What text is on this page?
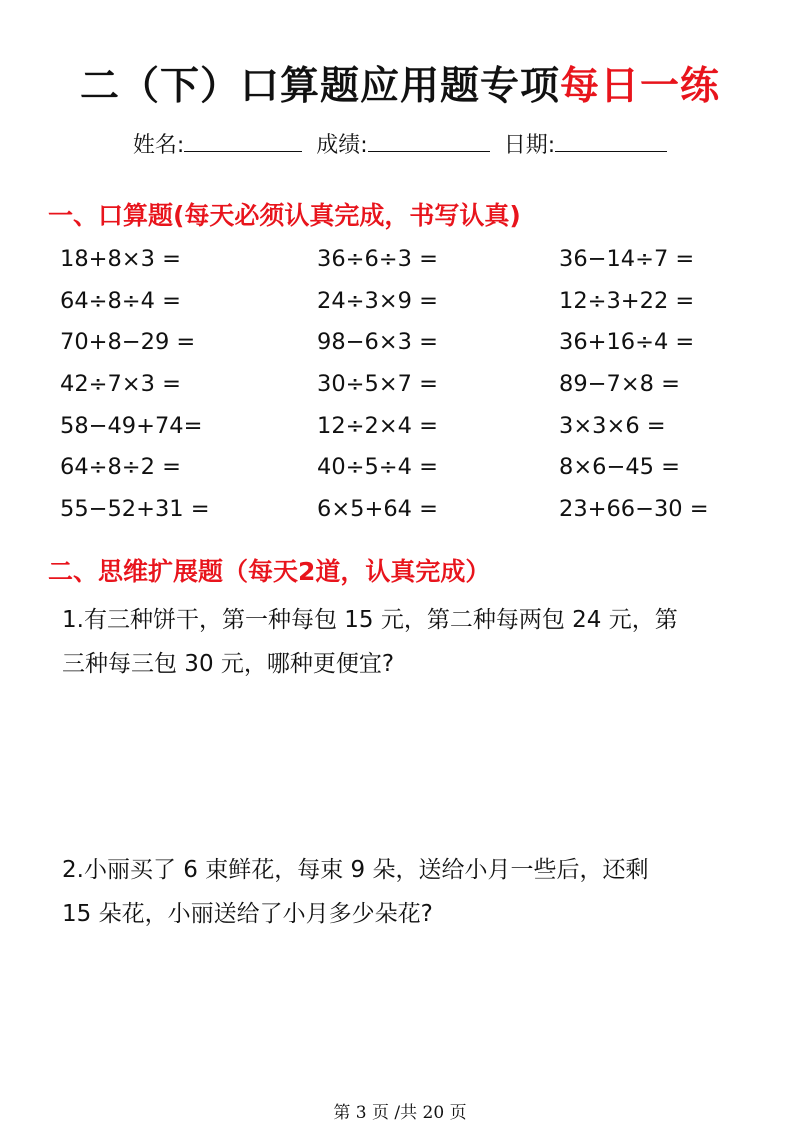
二（下）口算题应用题专项每日一练
姓名:	成绩:	日期:
一、口算题(每天必须认真完成，书写认真)
18+8×3 =	36÷6÷3 =	36−14÷7 =
64÷8÷4 =	24÷3×9 =	12÷3+22 =
70+8−29 =	98−6×3 =	36+16÷4 =
42÷7×3 =	30÷5×7 =	89−7×8 =
58−49+74=	12÷2×4 =	3×3×6 =
64÷8÷2 =	40÷5÷4 =	8×6−45 =
55−52+31 =	6×5+64 =	23+66−30 =
二、思维扩展题（每天2道，认真完成）
1.有三种饼干，第一种每包 15 元，第二种每两包 24 元，第
三种每三包 30 元，哪种更便宜?
2.小丽买了 6 束鲜花，每束 9 朵，送给小月一些后，还剩
15 朵花，小丽送给了小月多少朵花?
第 3 页 /共 20 页
